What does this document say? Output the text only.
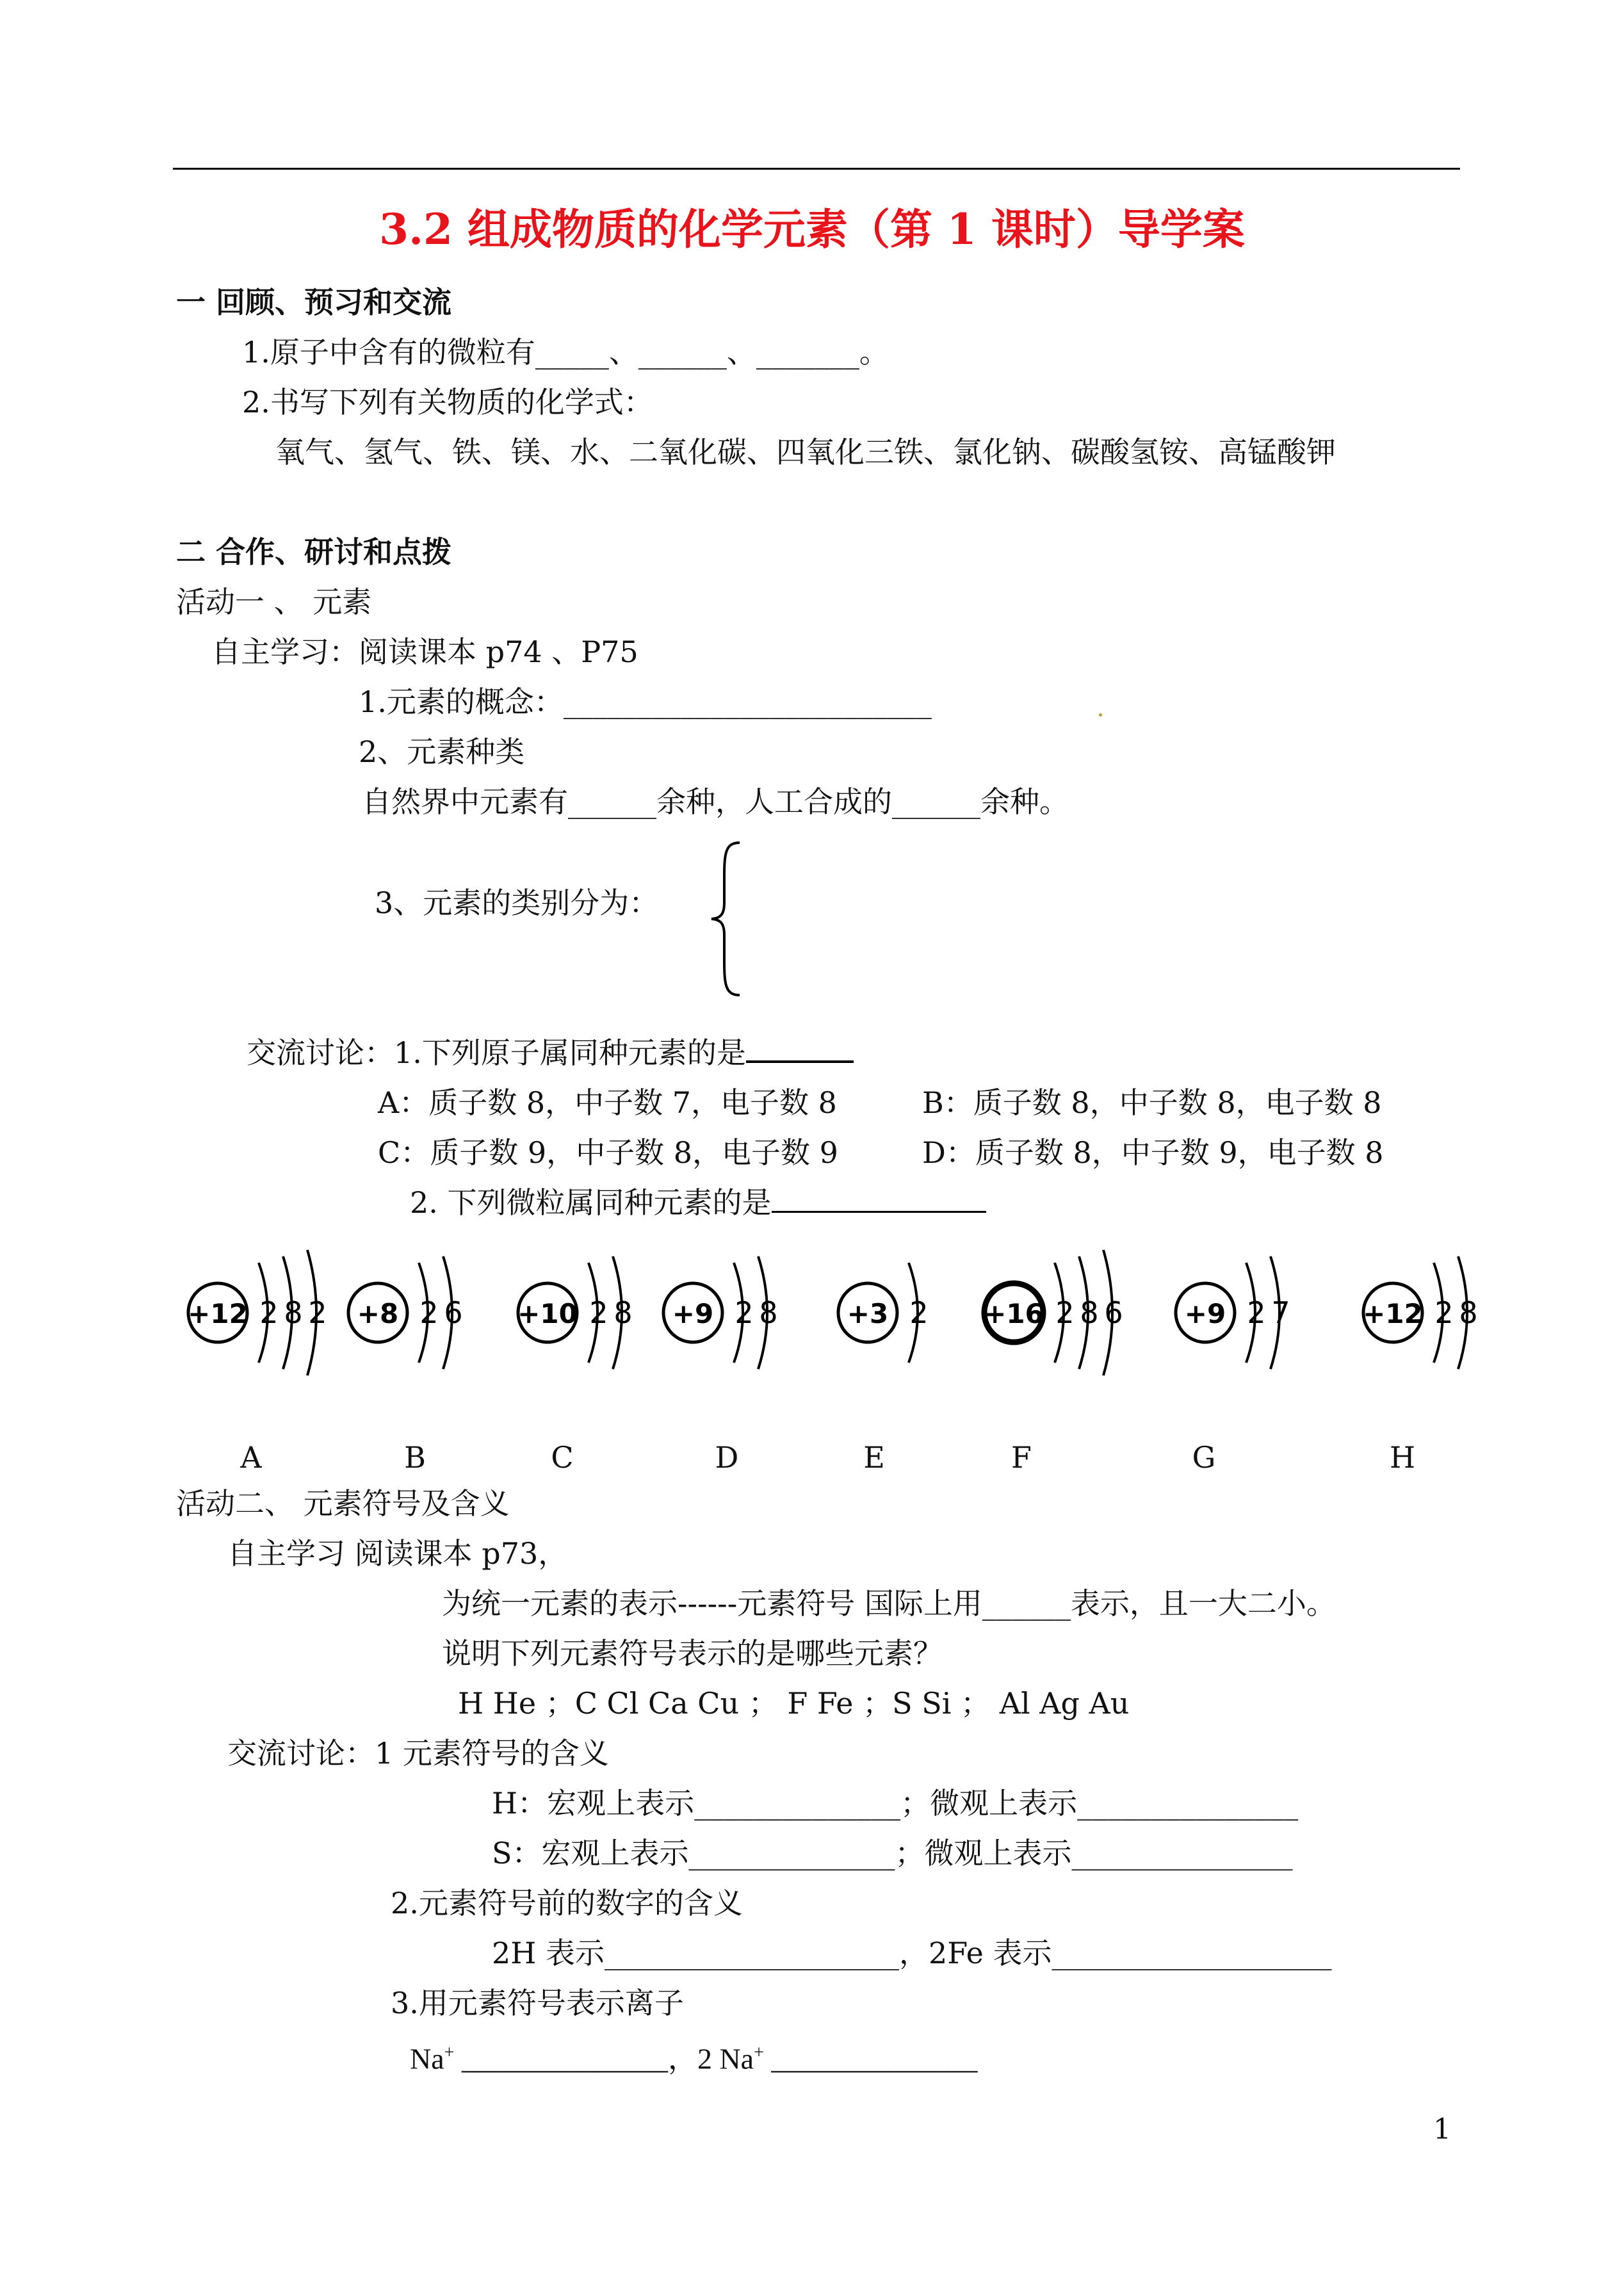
3.2 组成物质的化学元素（第 1 课时）导学案
一 回顾、预习和交流
1.原子中含有的微粒有_____、______、_______。
2.书写下列有关物质的化学式：
氧气、氢气、铁、镁、水、二氧化碳、四氧化三铁、氯化钠、碳酸氢铵、高锰酸钾
二 合作、研讨和点拨
活动一 、 元素
自主学习：阅读课本 p74 、P75
1.元素的概念：_________________________
2、元素种类
自然界中元素有______余种，人工合成的______余种。
3、元素的类别分为：
交流讨论：1.下列原子属同种元素的是
A：质子数 8，中子数 7，电子数 8	B：质子数 8，中子数 8，电子数 8
C：质子数 9，中子数 8，电子数 9	D：质子数 8，中子数 9，电子数 8
2. 下列微粒属同种元素的是
+12 2 8 2 +8 2 6 +10 2 8 +9 2 8	+3 2 +16 2 8 6 +9 2 7	+12 2 8
A	B	C	D	E	F	G	H
活动二、 元素符号及含义
自主学习 阅读课本 p73，
为统一元素的表示------元素符号 国际上用______表示，且一大二小。
说明下列元素符号表示的是哪些元素？
H He ；C Cl Ca Cu ； F Fe ；S Si ； Al Ag Au
交流讨论：1 元素符号的含义
H：宏观上表示______________；微观上表示_______________
S：宏观上表示______________；微观上表示_______________
2.元素符号前的数字的含义
2H 表示____________________，2Fe 表示___________________
3.用元素符号表示离子
Na+ ______________，2 Na+ ______________
1
